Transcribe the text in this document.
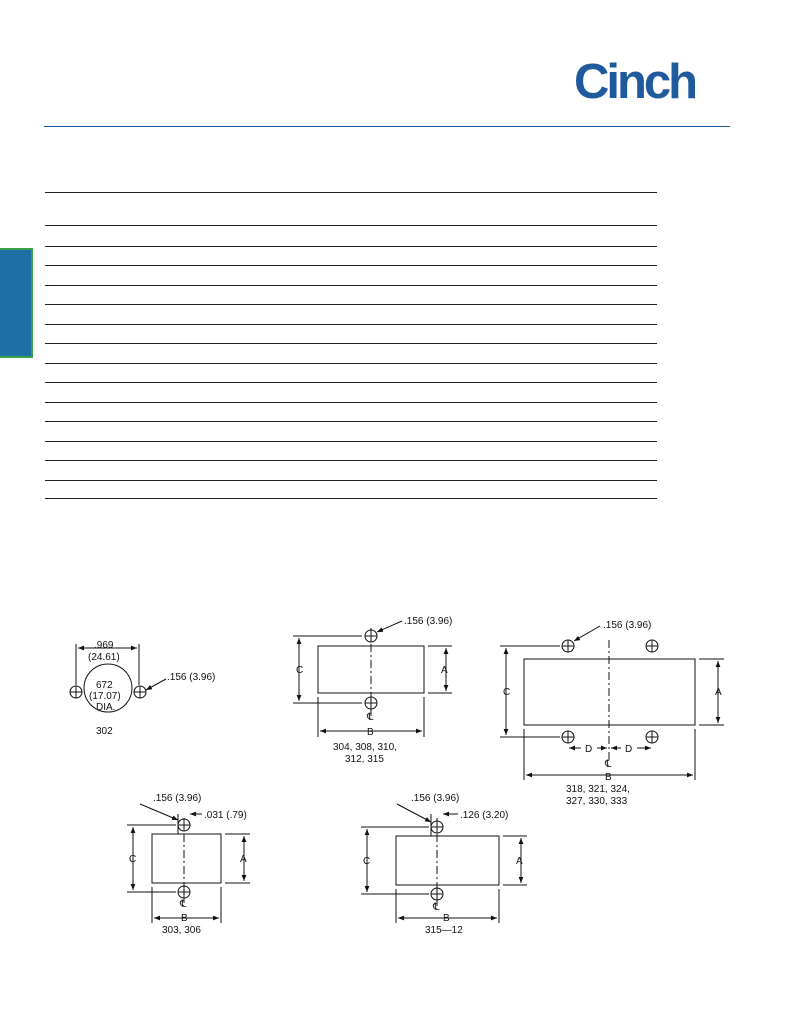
Cinch
.969
(24.61)
.156 (3.96)
672
(17.07)
DIA.
302
.156 (3.96)
C	A
℄
B
304, 308, 310,
312, 315
.156 (3.96)
C	A
D	D
℄
B
318, 321, 324,
327, 330, 333
.156 (3.96)
.031 (.79)
C	A
℄
B
303, 306
.156 (3.96)
.126 (3.20)
C	A
℄
B
315—12
